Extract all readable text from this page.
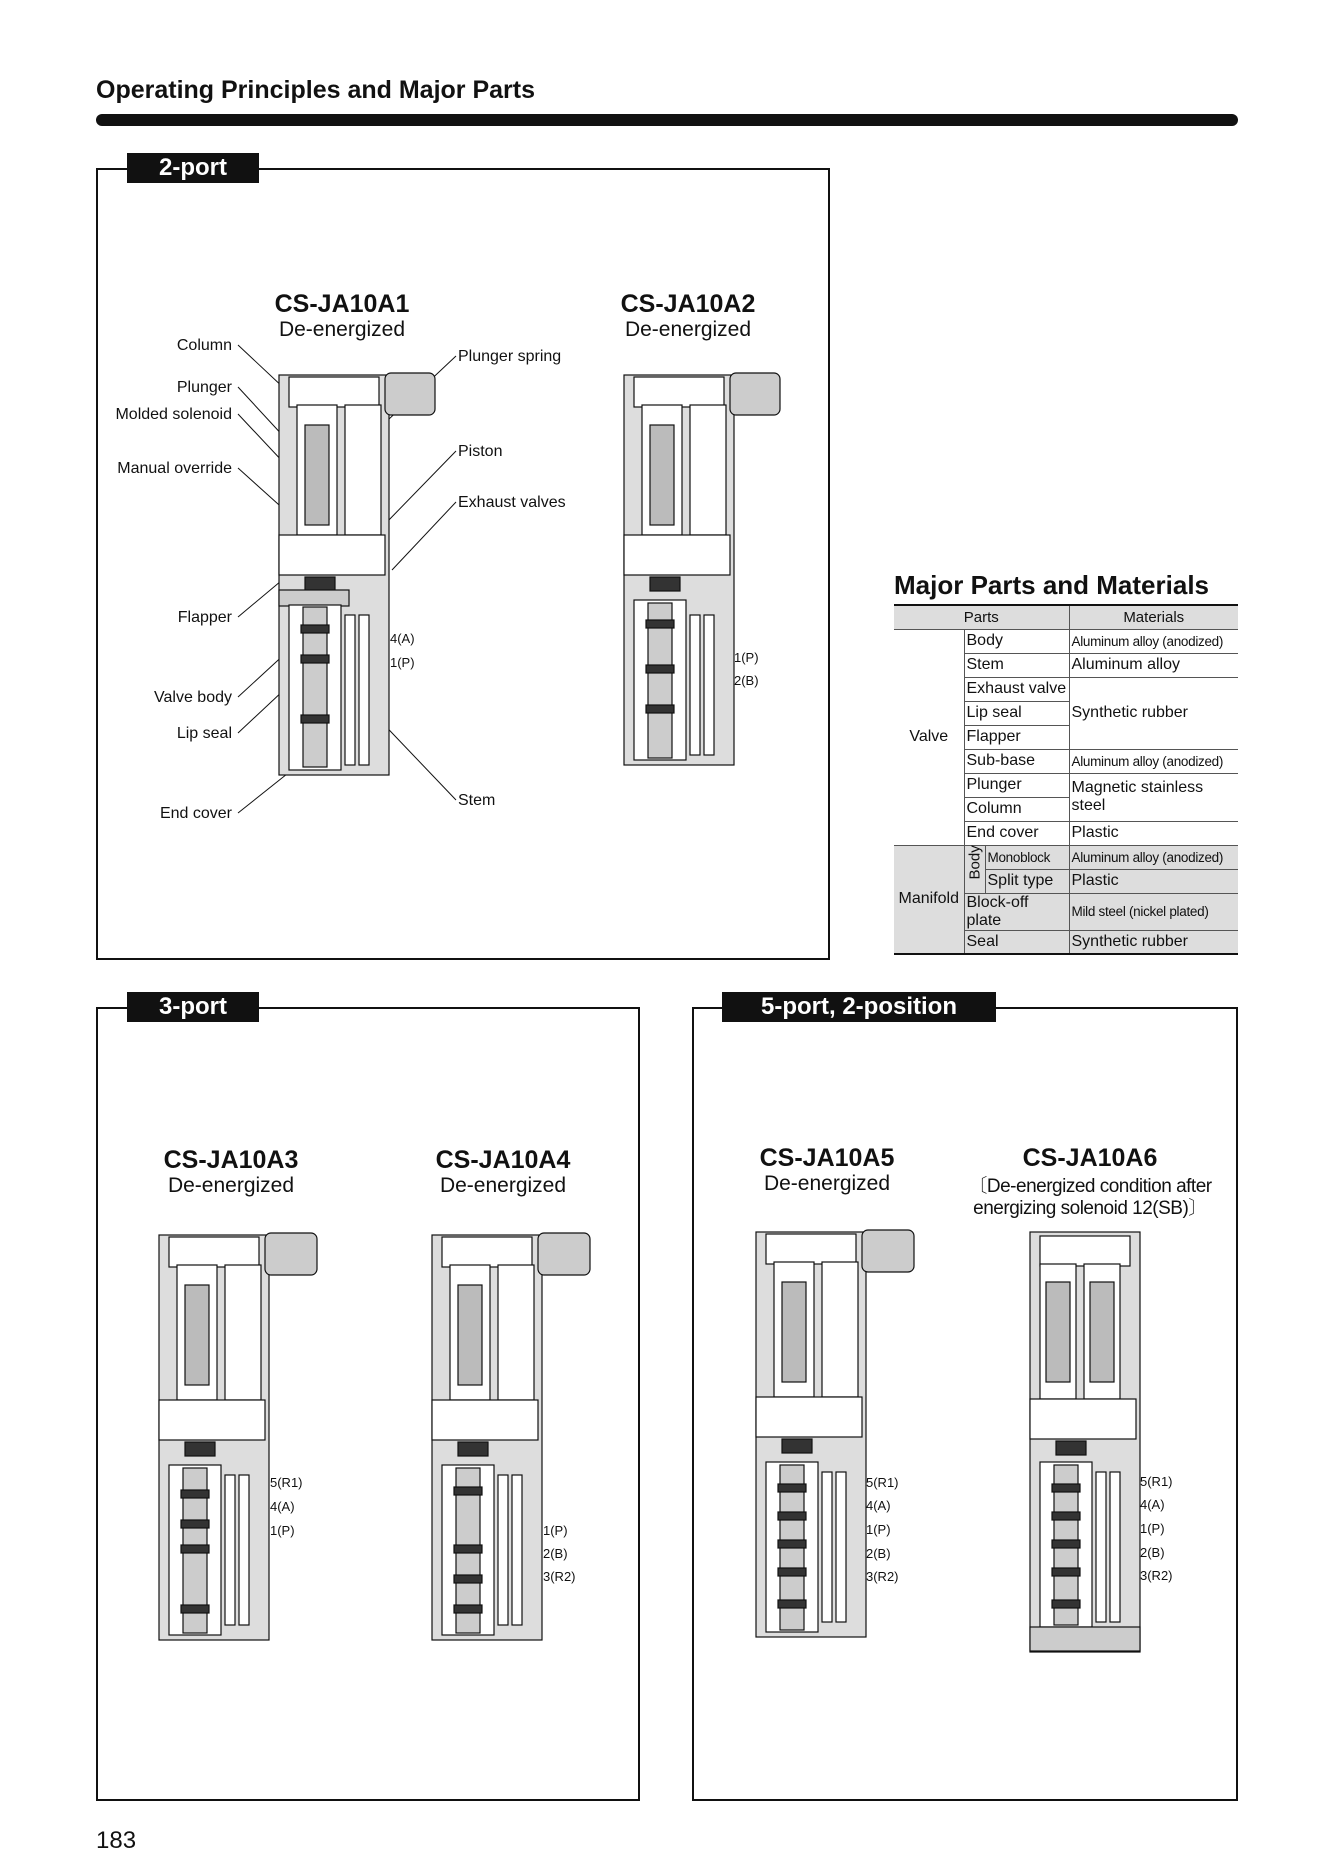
Operating Principles and Major Parts
2-port
CS-JA10A1
De-energized
CS-JA10A2
De-energized
Column
Plunger
Molded solenoid
Manual override
Flapper
Valve body
Lip seal
End cover
Plunger spring
Piston
Exhaust valves
Stem
4(A)
1(P)	1(P)
2(B)
Major Parts and Materials
Parts			Materials
Valve	Body		Aluminum alloy (anodized)
	Stem		Aluminum alloy
	Exhaust valve		Synthetic rubber
	Lip seal		
	Flapper		
	Sub-base		Aluminum alloy (anodized)
	Plunger		Magnetic stainless steel
	Column		
	End cover		Plastic
Manifold	Body	Monoblock	Aluminum alloy (anodized)
		Split type	Plastic
	Block-off plate		Mild steel (nickel plated)
	Seal		Synthetic rubber
3-port
CS-JA10A3
De-energized
CS-JA10A4
De-energized
5(R1)
4(A)
1(P)	1(P)
2(B)
3(R2)
5-port, 2-position
CS-JA10A5
De-energized
CS-JA10A6
〔De-energized condition after
energizing solenoid 12(SB)〕
5(R1)
4(A)
1(P)
2(B)
3(R2)
5(R1)
4(A)
1(P)
2(B)
3(R2)
183
